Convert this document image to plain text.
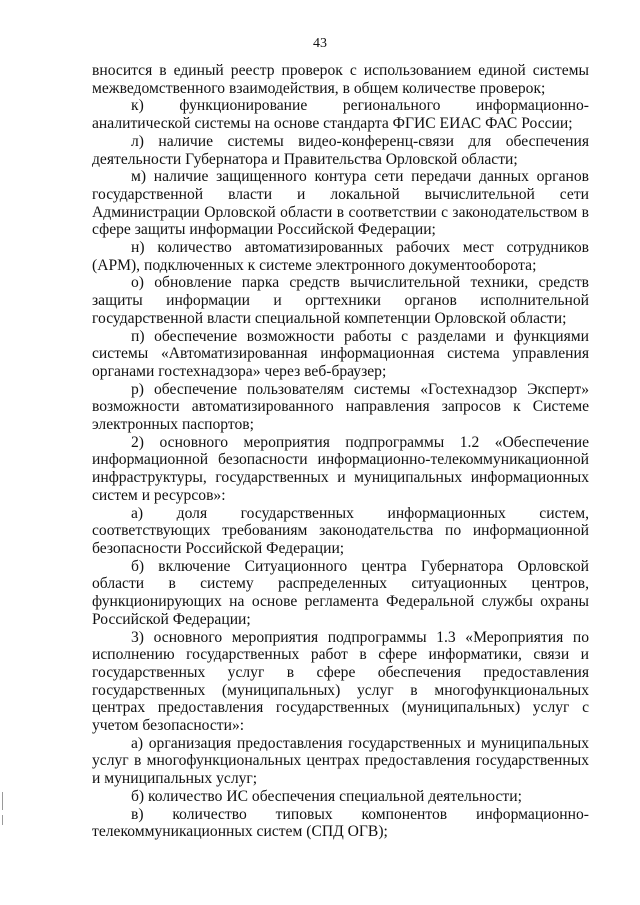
43

вносится в единый реестр проверок с использованием единой системы межведомственного взаимодействия, в общем количестве проверок;

к) функционирование регионального информационно-аналитической системы на основе стандарта ФГИС ЕИАС ФАС России;

л) наличие системы видео-конференц-связи для обеспечения деятельности Губернатора и Правительства Орловской области;

м) наличие защищенного контура сети передачи данных органов государственной власти и локальной вычислительной сети Администрации Орловской области в соответствии с законодательством в сфере защиты информации Российской Федерации;

н) количество автоматизированных рабочих мест сотрудников (АРМ), подключенных к системе электронного документооборота;

о) обновление парка средств вычислительной техники, средств защиты информации и оргтехники органов исполнительной государственной власти специальной компетенции Орловской области;

п) обеспечение возможности работы с разделами и функциями системы «Автоматизированная информационная система управления органами гостехнадзора» через веб-браузер;

р) обеспечение пользователям системы «Гостехнадзор Эксперт» возможности автоматизированного направления запросов к Системе электронных паспортов;

2) основного мероприятия подпрограммы 1.2 «Обеспечение информационной безопасности информационно-телекоммуникационной инфраструктуры, государственных и муниципальных информационных систем и ресурсов»:

а) доля государственных информационных систем, соответствующих требованиям законодательства по информационной безопасности Российской Федерации;

б) включение Ситуационного центра Губернатора Орловской области в систему распределенных ситуационных центров, функционирующих на основе регламента Федеральной службы охраны Российской Федерации;

3) основного мероприятия подпрограммы 1.3 «Мероприятия по исполнению государственных работ в сфере информатики, связи и государственных услуг в сфере обеспечения предоставления государственных (муниципальных) услуг в многофункциональных центрах предоставления государственных (муниципальных) услуг с учетом безопасности»:

а) организация предоставления государственных и муниципальных услуг в многофункциональных центрах предоставления государственных и муниципальных услуг;

б) количество ИС обеспечения специальной деятельности;

в) количество типовых компонентов информационно-телекоммуникационных систем (СПД ОГВ);
